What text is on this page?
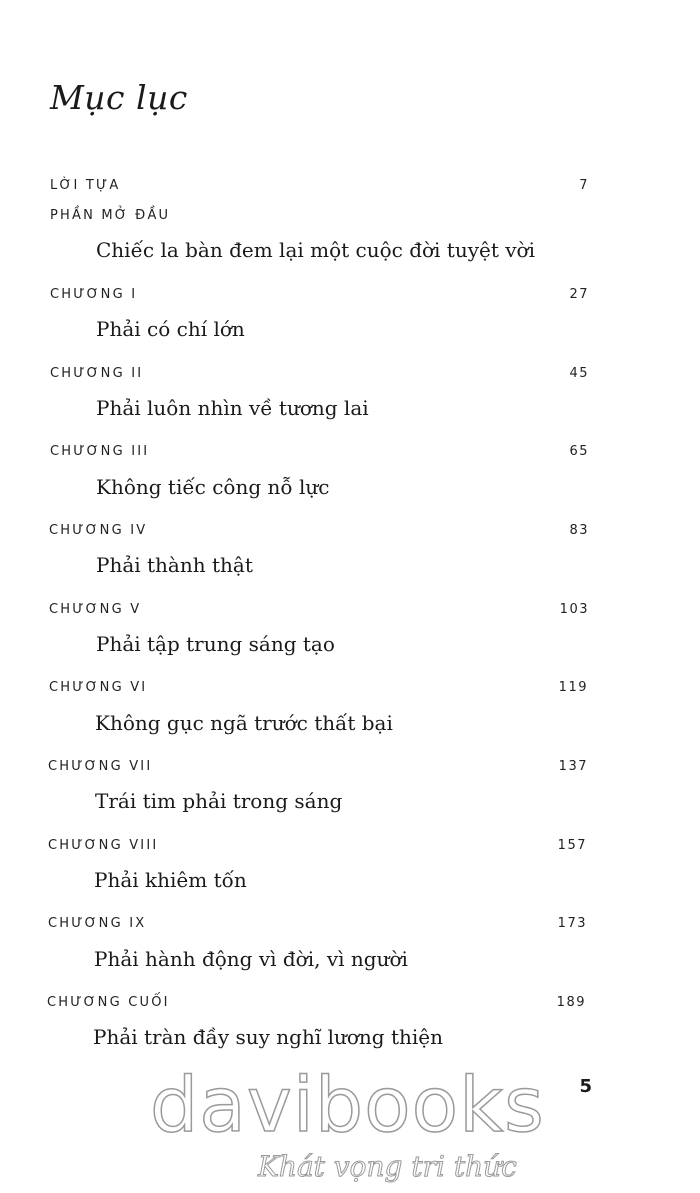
Mục lục
LỜI TỰA	7
PHẦN MỞ ĐẦU
Chiếc la bàn đem lại một cuộc đời tuyệt vời
CHƯƠNG I	27
Phải có chí lớn
CHƯƠNG II	45
Phải luôn nhìn về tương lai
CHƯƠNG III	65
Không tiếc công nỗ lực
CHƯƠNG IV	83
Phải thành thật
CHƯƠNG V	103
Phải tập trung sáng tạo
CHƯƠNG VI	119
Không gục ngã trước thất bại
CHƯƠNG VII	137
Trái tim phải trong sáng
CHƯƠNG VIII	157
Phải khiêm tốn
CHƯƠNG IX	173
Phải hành động vì đời, vì người
CHƯƠNG CUỐI	189
Phải tràn đầy suy nghĩ lương thiện
5
davibooks
Khát vọng tri thức
